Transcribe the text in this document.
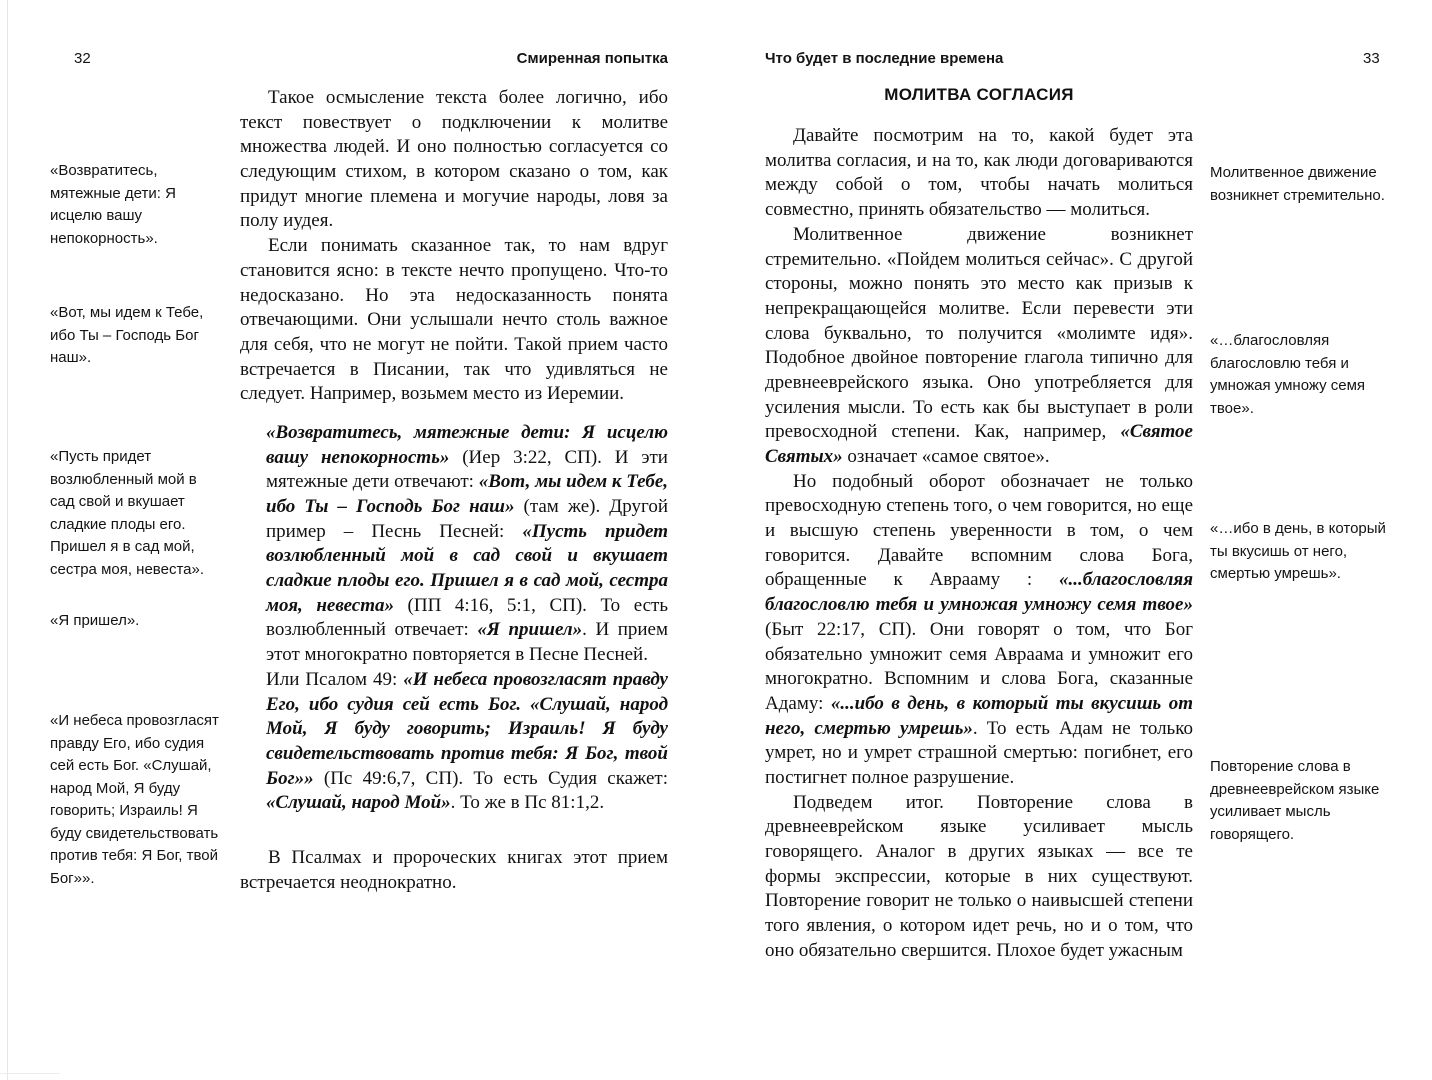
32	Смиренная попытка	Что будет в последние времена	33
«Возвратитесь, мятежные дети: Я исцелю вашу непокорность».
«Вот, мы идем к Тебе, ибо Ты – Господь Бог наш».
«Пусть придет возлюбленный мой в сад свой и вкушает сладкие плоды его. Пришел я в сад мой, сестра моя, невеста».
«Я пришел».
«И небеса провозгласят правду Его, ибо судия сей есть Бог. «Слушай, народ Мой, Я буду говорить; Израиль! Я буду свидетельствовать против тебя: Я Бог, твой Бог»».

Такое осмысление текста более логично, ибо текст повествует о подключении к молитве множества людей. И оно полностью согласуется со следующим стихом, в котором сказано о том, как придут многие племена и могучие народы, ловя за полу иудея.

Если понимать сказанное так, то нам вдруг становится ясно: в тексте нечто пропущено. Что-то недосказано. Но эта недосказанность понята отвечающими. Они услышали нечто столь важное для себя, что не могут не пойти. Такой прием часто встречается в Писании, так что удивляться не следует. Например, возьмем место из Иеремии.

«Возвратитесь, мятежные дети: Я исцелю вашу непокорность» (Иер 3:22, СП). И эти мятежные дети отвечают: «Вот, мы идем к Тебе, ибо Ты – Господь Бог наш» (там же). Другой пример – Песнь Песней: «Пусть придет возлюбленный мой в сад свой и вкушает сладкие плоды его. Пришел я в сад мой, сестра моя, невеста» (ПП 4:16, 5:1, СП). То есть возлюбленный отвечает: «Я пришел». И прием этот многократно повторяется в Песне Песней.

Или Псалом 49: «И небеса провозгласят правду Его, ибо судия сей есть Бог. «Слушай, народ Мой, Я буду говорить; Израиль! Я буду свидетельствовать против тебя: Я Бог, твой Бог»» (Пс 49:6,7, СП). То есть Судия скажет: «Слушай, народ Мой». То же в Пс 81:1,2.

В Псалмах и пророческих книгах этот прием встречается неоднократно.

МОЛИТВА СОГЛАСИЯ

Давайте посмотрим на то, какой будет эта молитва согласия, и на то, как люди договариваются между собой о том, чтобы начать молиться совместно, принять обязательство — молиться.

Молитвенное движение возникнет стремительно. «Пойдем молиться сейчас». С другой стороны, можно понять это место как призыв к непрекращающейся молитве. Если перевести эти слова буквально, то получится «молимте идя». Подобное двойное повторение глагола типично для древнееврейского языка. Оно употребляется для усиления мысли. То есть как бы выступает в роли превосходной степени. Как, например, «Святое Святых» означает «самое святое».

Но подобный оборот обозначает не только превосходную степень того, о чем говорится, но еще и высшую степень уверенности в том, о чем говорится. Давайте вспомним слова Бога, обращенные к Аврааму : «...благословляя благословлю тебя и умножая умножу семя твое» (Быт 22:17, СП). Они говорят о том, что Бог обязательно умножит семя Авраама и умножит его многократно. Вспомним и слова Бога, сказанные Адаму: «...ибо в день, в который ты вкусишь от него, смертью умрешь». То есть Адам не только умрет, но и умрет страшной смертью: погибнет, его постигнет полное разрушение.

Подведем итог. Повторение слова в древнееврейском языке усиливает мысль говорящего. Аналог в других языках — все те формы экспрессии, которые в них существуют. Повторение говорит не только о наивысшей степени того явления, о котором идет речь, но и о том, что оно обязательно свершится. Плохое будет ужасным

Молитвенное движение возникнет стремительно.
«…благословляя благословлю тебя и умножая умножу семя твое».
«…ибо в день, в который ты вкусишь от него, смертью умрешь».
Повторение слова в древнееврейском языке усиливает мысль говорящего.
